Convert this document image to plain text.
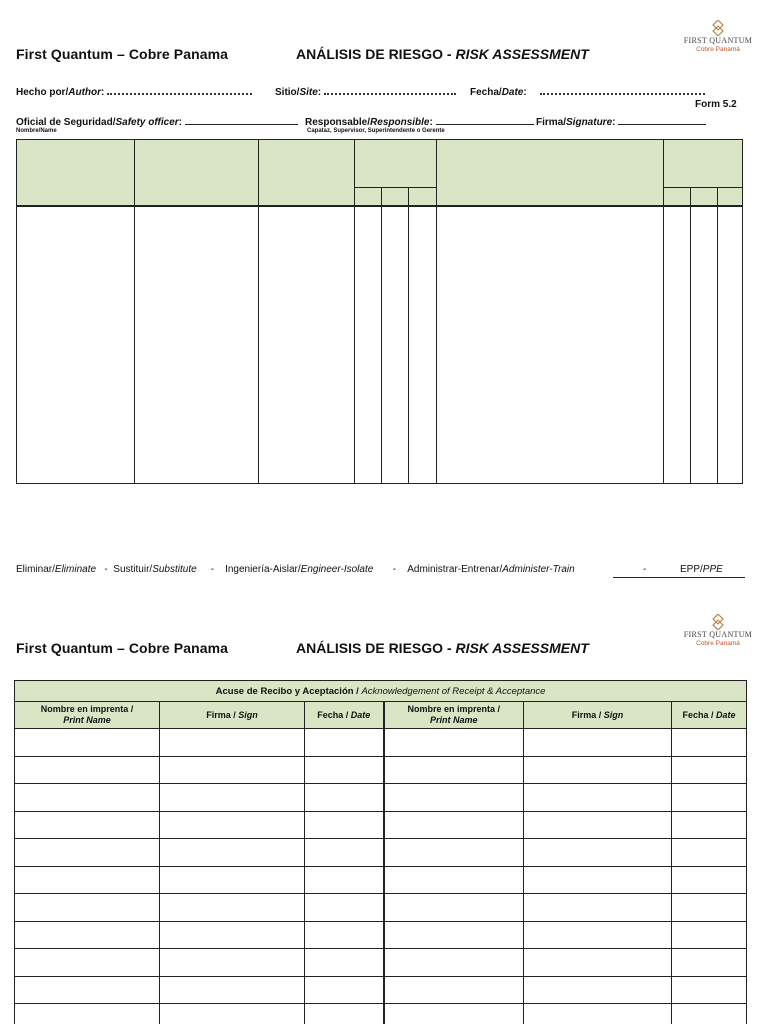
First Quantum – Cobre Panama	ANÁLISIS DE RIESGO - RISK ASSESSMENT
FIRST QUANTUM
Cobre Panamá
Hecho por/Author:	Sitio/Site:	Fecha/Date:
Form 5.2
Oficial de Seguridad/Safety officer:	Responsable/Responsible:	Firma/Signature:
Nombre/Name	Capataz, Supervisor, Superintendente o Gerente
Eliminar/Eliminate - Sustituir/Substitute - Ingeniería-Aislar/Engineer-Isolate - Administrar-Entrenar/Administer-Train	-	EPP/PPE
First Quantum – Cobre Panama	ANÁLISIS DE RIESGO - RISK ASSESSMENT
FIRST QUANTUM
Cobre Panamá
Acuse de Recibo y Aceptación / Acknowledgement of Receipt & Acceptance					
Nombre en imprenta /
Print Name	Firma / Sign	Fecha / Date	Nombre en imprenta /
Print Name	Firma / Sign	Fecha / Date
